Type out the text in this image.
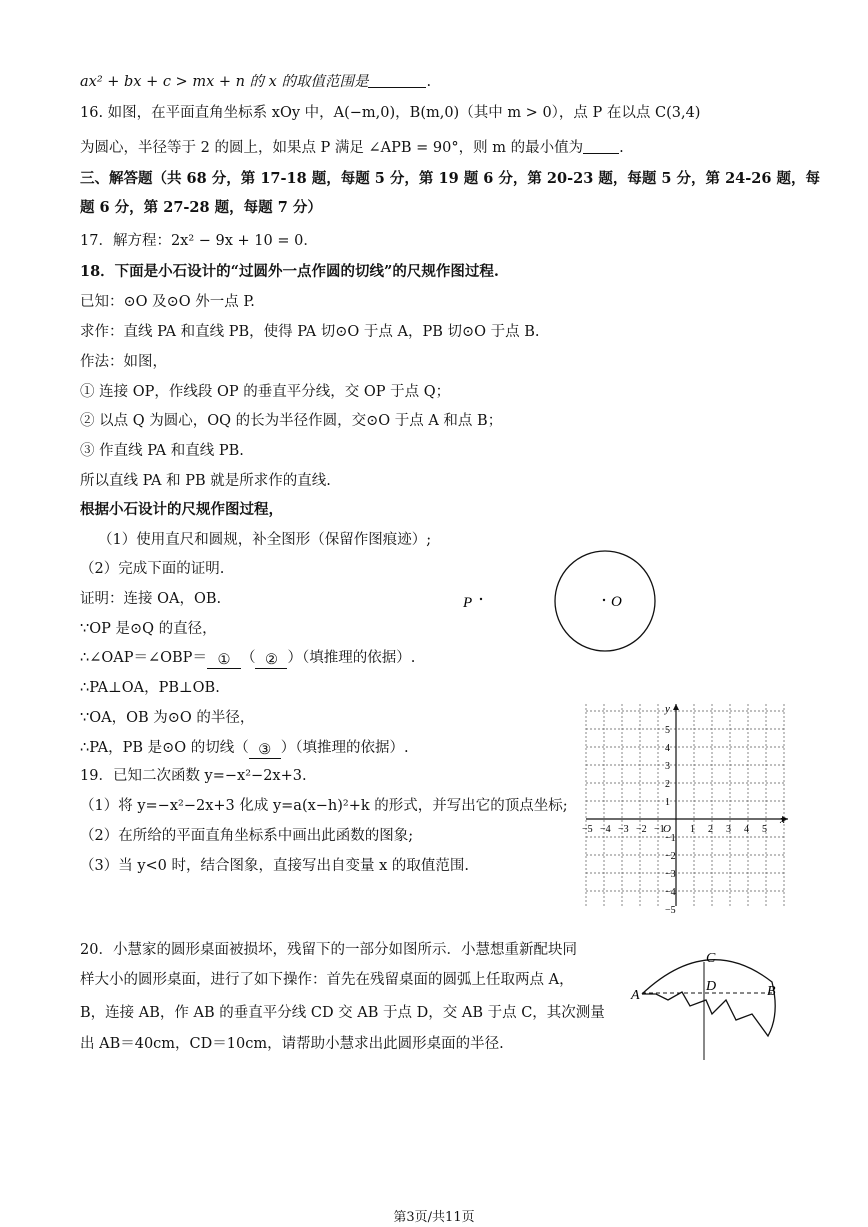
ax² + bx + c > mx + n 的 x 的取值范围是	.
16. 如图，在平面直角坐标系 xOy 中，A(−m,0)，B(m,0)（其中 m > 0），点 P 在以点 C(3,4)
为圆心，半径等于 2 的圆上，如果点 P 满足 ∠APB = 90°，则 m 的最小值为 .
三、解答题（共 68 分，第 17-18 题，每题 5 分，第 19 题 6 分，第 20-23 题，每题 5 分，第 24-26 题，每
题 6 分，第 27-28 题，每题 7 分）
17．解方程：2x² − 9x + 10 = 0．
18．下面是小石设计的“过圆外一点作圆的切线”的尺规作图过程.
已知：⊙O 及⊙O 外一点 P.
求作：直线 PA 和直线 PB，使得 PA 切⊙O 于点 A，PB 切⊙O 于点 B.
作法：如图，
① 连接 OP，作线段 OP 的垂直平分线，交 OP 于点 Q；
② 以点 Q 为圆心，OQ 的长为半径作圆，交⊙O 于点 A 和点 B；
③ 作直线 PA 和直线 PB.
所以直线 PA 和 PB 就是所求作的直线.
根据小石设计的尺规作图过程，
（1）使用直尺和圆规，补全图形（保留作图痕迹）;
（2）完成下面的证明.
证明：连接 OA，OB.
∵OP 是⊙Q 的直径，
∴∠OAP＝∠OBP＝ ① （ ② ）（填推理的依据）.
∴PA⊥OA，PB⊥OB.
∵OA，OB 为⊙O 的半径，
∴PA，PB 是⊙O 的切线（ ③ ）（填推理的依据）.
O
P
19．已知二次函数 y=−x²−2x+3.
（1）将 y=−x²−2x+3 化成 y=a(x−h)²+k 的形式，并写出它的顶点坐标;
（2）在所给的平面直角坐标系中画出此函数的图象;
（3）当 y<0 时，结合图象，直接写出自变量 x 的取值范围.
−5 −4 −3 −2 −1	1 2 3 4 5
5
4
3
2
1
−1
−2
−3
−4
−5
O
x
y
20．小慧家的圆形桌面被损坏，残留下的一部分如图所示．小慧想重新配块同
样大小的圆形桌面，进行了如下操作：首先在残留桌面的圆弧上任取两点 A，
B，连接 AB，作 AB 的垂直平分线 CD 交 AB 于点 D，交 AB 于点 C，其次测量
出 AB＝40cm，CD＝10cm，请帮助小慧求出此圆形桌面的半径.
C
D
A	B
第3页/共11页
